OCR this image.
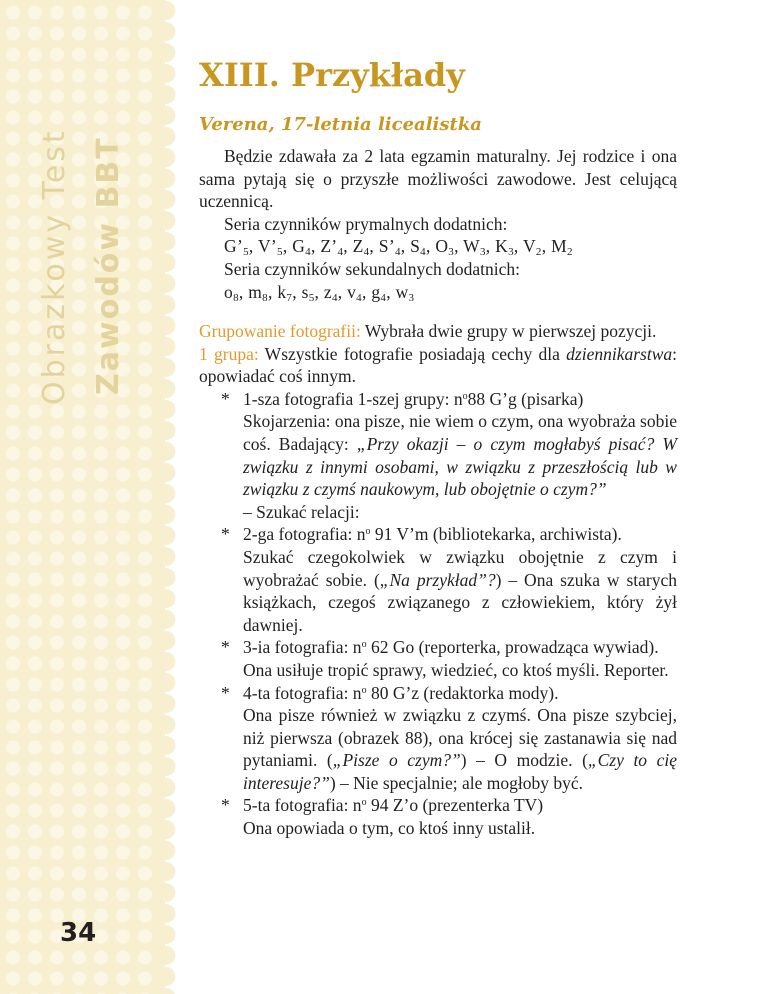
Obrazkowy Test Zawodów BBT
34
XIII. Przykłady

Verena, 17-letnia licealistka

Będzie zdawała za 2 lata egzamin maturalny. Jej rodzice i ona sama pytają się o przyszłe możliwości zawodowe. Jest celującą uczennicą.

Seria czynników prymalnych dodatnich:

$G’_5$, $V’_5$, $G_4$, $Z’_4$, $Z_4$, $S’_4$, $S_4$, $O_3$, $W_3$, $K_3$, $V_2$, $M_2$

Seria czynników sekundalnych dodatnich:

$o_8$, $m_8$, $k_7$, $s_5$, $z_4$, $v_4$, $g_4$, $w_3$

Grupowanie fotografii: Wybrała dwie grupy w pierwszej pozycji.

1 grupa: Wszystkie fotografie posiadają cechy dla dziennikarstwa: opowiadać coś innym.

* 1-sza fotografia 1-szej grupy: $n^o88$ G’g (pisarka)

Skojarzenia: ona pisze, nie wiem o czym, ona wyobraża sobie coś. Badający: „Przy okazji – o czym mogłabyś pisać? W związku z innymi osobami, w związku z przeszłością lub w związku z czymś naukowym, lub obojętnie o czym?”

– Szukać relacji:

* 2-ga fotografia: $n^o$ 91 V’m (bibliotekarka, archiwista).

Szukać czegokolwiek w związku obojętnie z czym i wyobrażać sobie. („Na przykład”?) – Ona szuka w starych książkach, czegoś związanego z człowiekiem, który żył dawniej.

* 3-ia fotografia: $n^o$ 62 Go (reporterka, prowadząca wywiad).

Ona usiłuje tropić sprawy, wiedzieć, co ktoś myśli. Reporter.

* 4-ta fotografia: $n^o$ 80 G’z (redaktorka mody).

Ona pisze również w związku z czymś. Ona pisze szybciej, niż pierwsza (obrazek 88), ona krócej się zastanawia się nad pytaniami. („Pisze o czym?”) – O modzie. („Czy to cię interesuje?”) – Nie specjalnie; ale mogłoby być.

* 5-ta fotografia: $n^o$ 94 Z’o (prezenterka TV)

Ona opowiada o tym, co ktoś inny ustalił.
